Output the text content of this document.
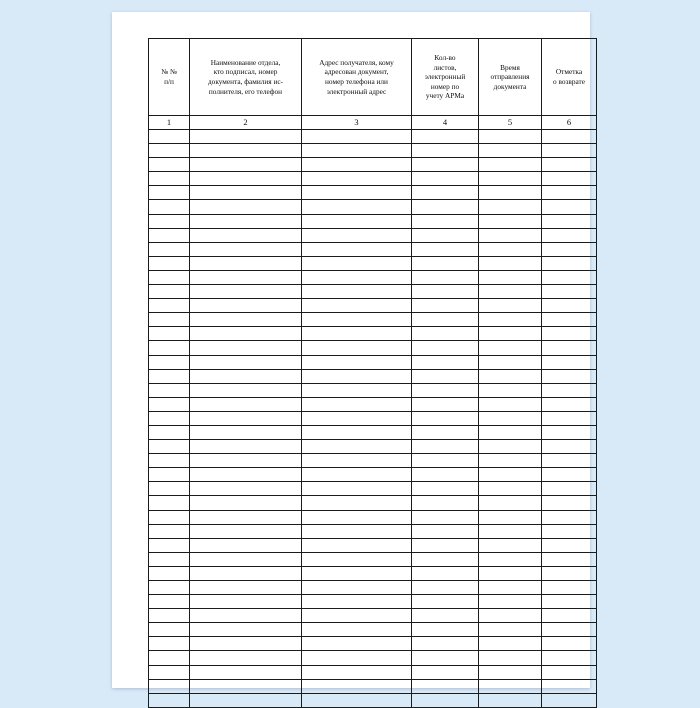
№ №
п/п	Наименование отдела,
кто подписал, номер
документа, фамилия ис-
полнителя, его телефон	Адрес получателя, кому
адресован документ,
номер телефона или
электронный адрес	Кол-во
листов,
электронный
номер по
учету АРМа	Время
отправления
документа	Отметка
о возврате

1	2	3	4	5	6
